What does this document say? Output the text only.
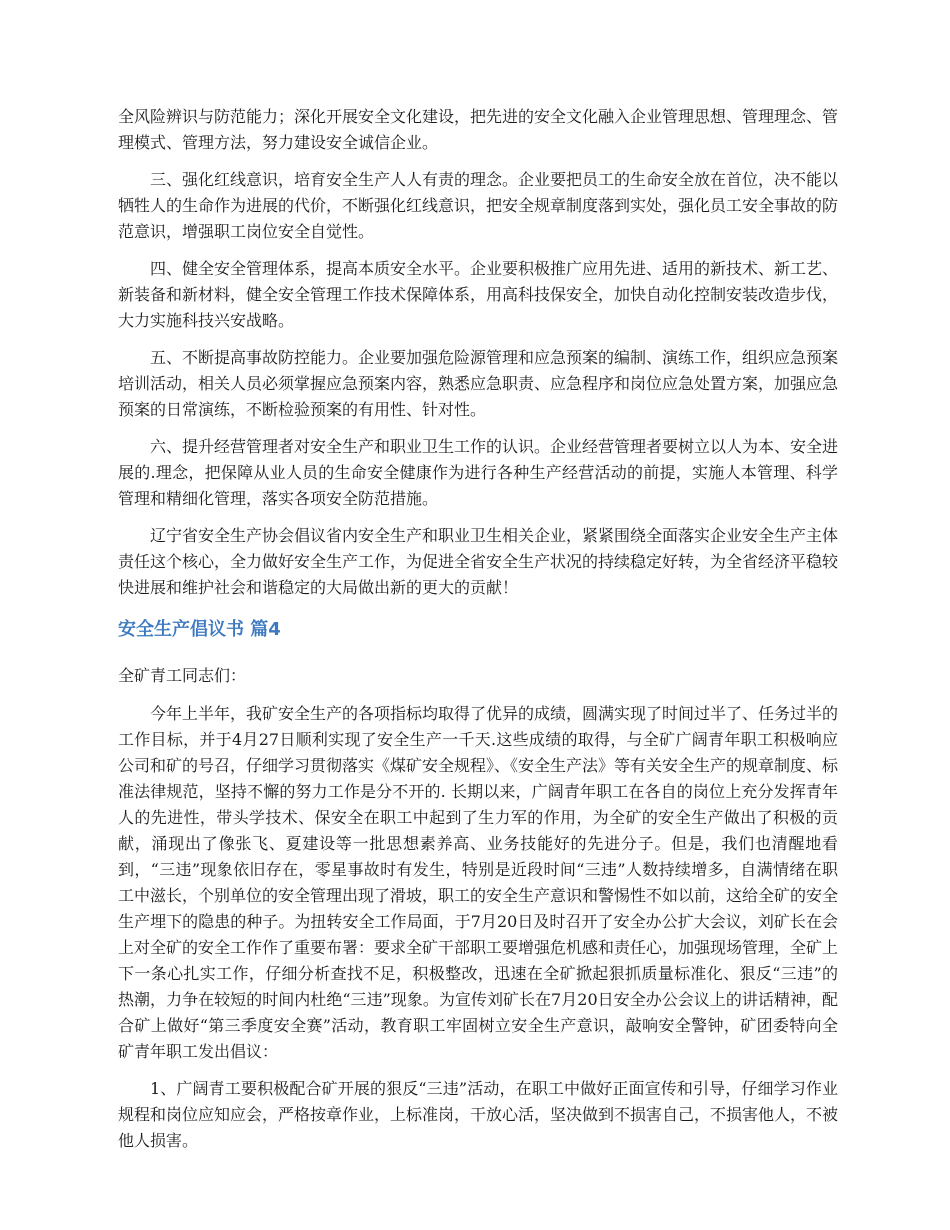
全风险辨识与防范能力；深化开展安全文化建设，把先进的安全文化融入企业管理思想、管理理念、管理模式、管理方法，努力建设安全诚信企业。

三、强化红线意识，培育安全生产人人有责的理念。企业要把员工的生命安全放在首位，决不能以牺牲人的生命作为进展的代价，不断强化红线意识，把安全规章制度落到实处，强化员工安全事故的防范意识，增强职工岗位安全自觉性。

四、健全安全管理体系，提高本质安全水平。企业要积极推广应用先进、适用的新技术、新工艺、新装备和新材料，健全安全管理工作技术保障体系，用高科技保安全，加快自动化控制安装改造步伐，大力实施科技兴安战略。

五、不断提高事故防控能力。企业要加强危险源管理和应急预案的编制、演练工作，组织应急预案培训活动，相关人员必须掌握应急预案内容，熟悉应急职责、应急程序和岗位应急处置方案，加强应急预案的日常演练，不断检验预案的有用性、针对性。

六、提升经营管理者对安全生产和职业卫生工作的认识。企业经营管理者要树立以人为本、安全进展的.理念，把保障从业人员的生命安全健康作为进行各种生产经营活动的前提，实施人本管理、科学管理和精细化管理，落实各项安全防范措施。

辽宁省安全生产协会倡议省内安全生产和职业卫生相关企业，紧紧围绕全面落实企业安全生产主体责任这个核心，全力做好安全生产工作，为促进全省安全生产状况的持续稳定好转，为全省经济平稳较快进展和维护社会和谐稳定的大局做出新的更大的贡献！

安全生产倡议书 篇4

全矿青工同志们：

今年上半年，我矿安全生产的各项指标均取得了优异的成绩，圆满实现了时间过半了、任务过半的工作目标，并于4月27日顺利实现了安全生产一千天.这些成绩的取得，与全矿广阔青年职工积极响应公司和矿的号召，仔细学习贯彻落实《煤矿安全规程》、《安全生产法》等有关安全生产的规章制度、标准法律规范，坚持不懈的努力工作是分不开的. 长期以来，广阔青年职工在各自的岗位上充分发挥青年人的先进性，带头学技术、保安全在职工中起到了生力军的作用，为全矿的安全生产做出了积极的贡献，涌现出了像张飞、夏建设等一批思想素养高、业务技能好的先进分子。但是，我们也清醒地看到，“三违”现象依旧存在，零星事故时有发生，特别是近段时间“三违”人数持续增多，自满情绪在职工中滋长，个别单位的安全管理出现了滑坡，职工的安全生产意识和警惕性不如以前，这给全矿的安全生产埋下的隐患的种子。为扭转安全工作局面，于7月20日及时召开了安全办公扩大会议，刘矿长在会上对全矿的安全工作作了重要布署：要求全矿干部职工要增强危机感和责任心，加强现场管理，全矿上下一条心扎实工作，仔细分析查找不足，积极整改，迅速在全矿掀起狠抓质量标准化、狠反“三违”的热潮，力争在较短的时间内杜绝“三违”现象。为宣传刘矿长在7月20日安全办公会议上的讲话精神，配合矿上做好“第三季度安全赛”活动，教育职工牢固树立安全生产意识，敲响安全警钟，矿团委特向全矿青年职工发出倡议：

1、广阔青工要积极配合矿开展的狠反“三违”活动，在职工中做好正面宣传和引导，仔细学习作业规程和岗位应知应会，严格按章作业，上标准岗，干放心活，坚决做到不损害自己，不损害他人，不被他人损害。
